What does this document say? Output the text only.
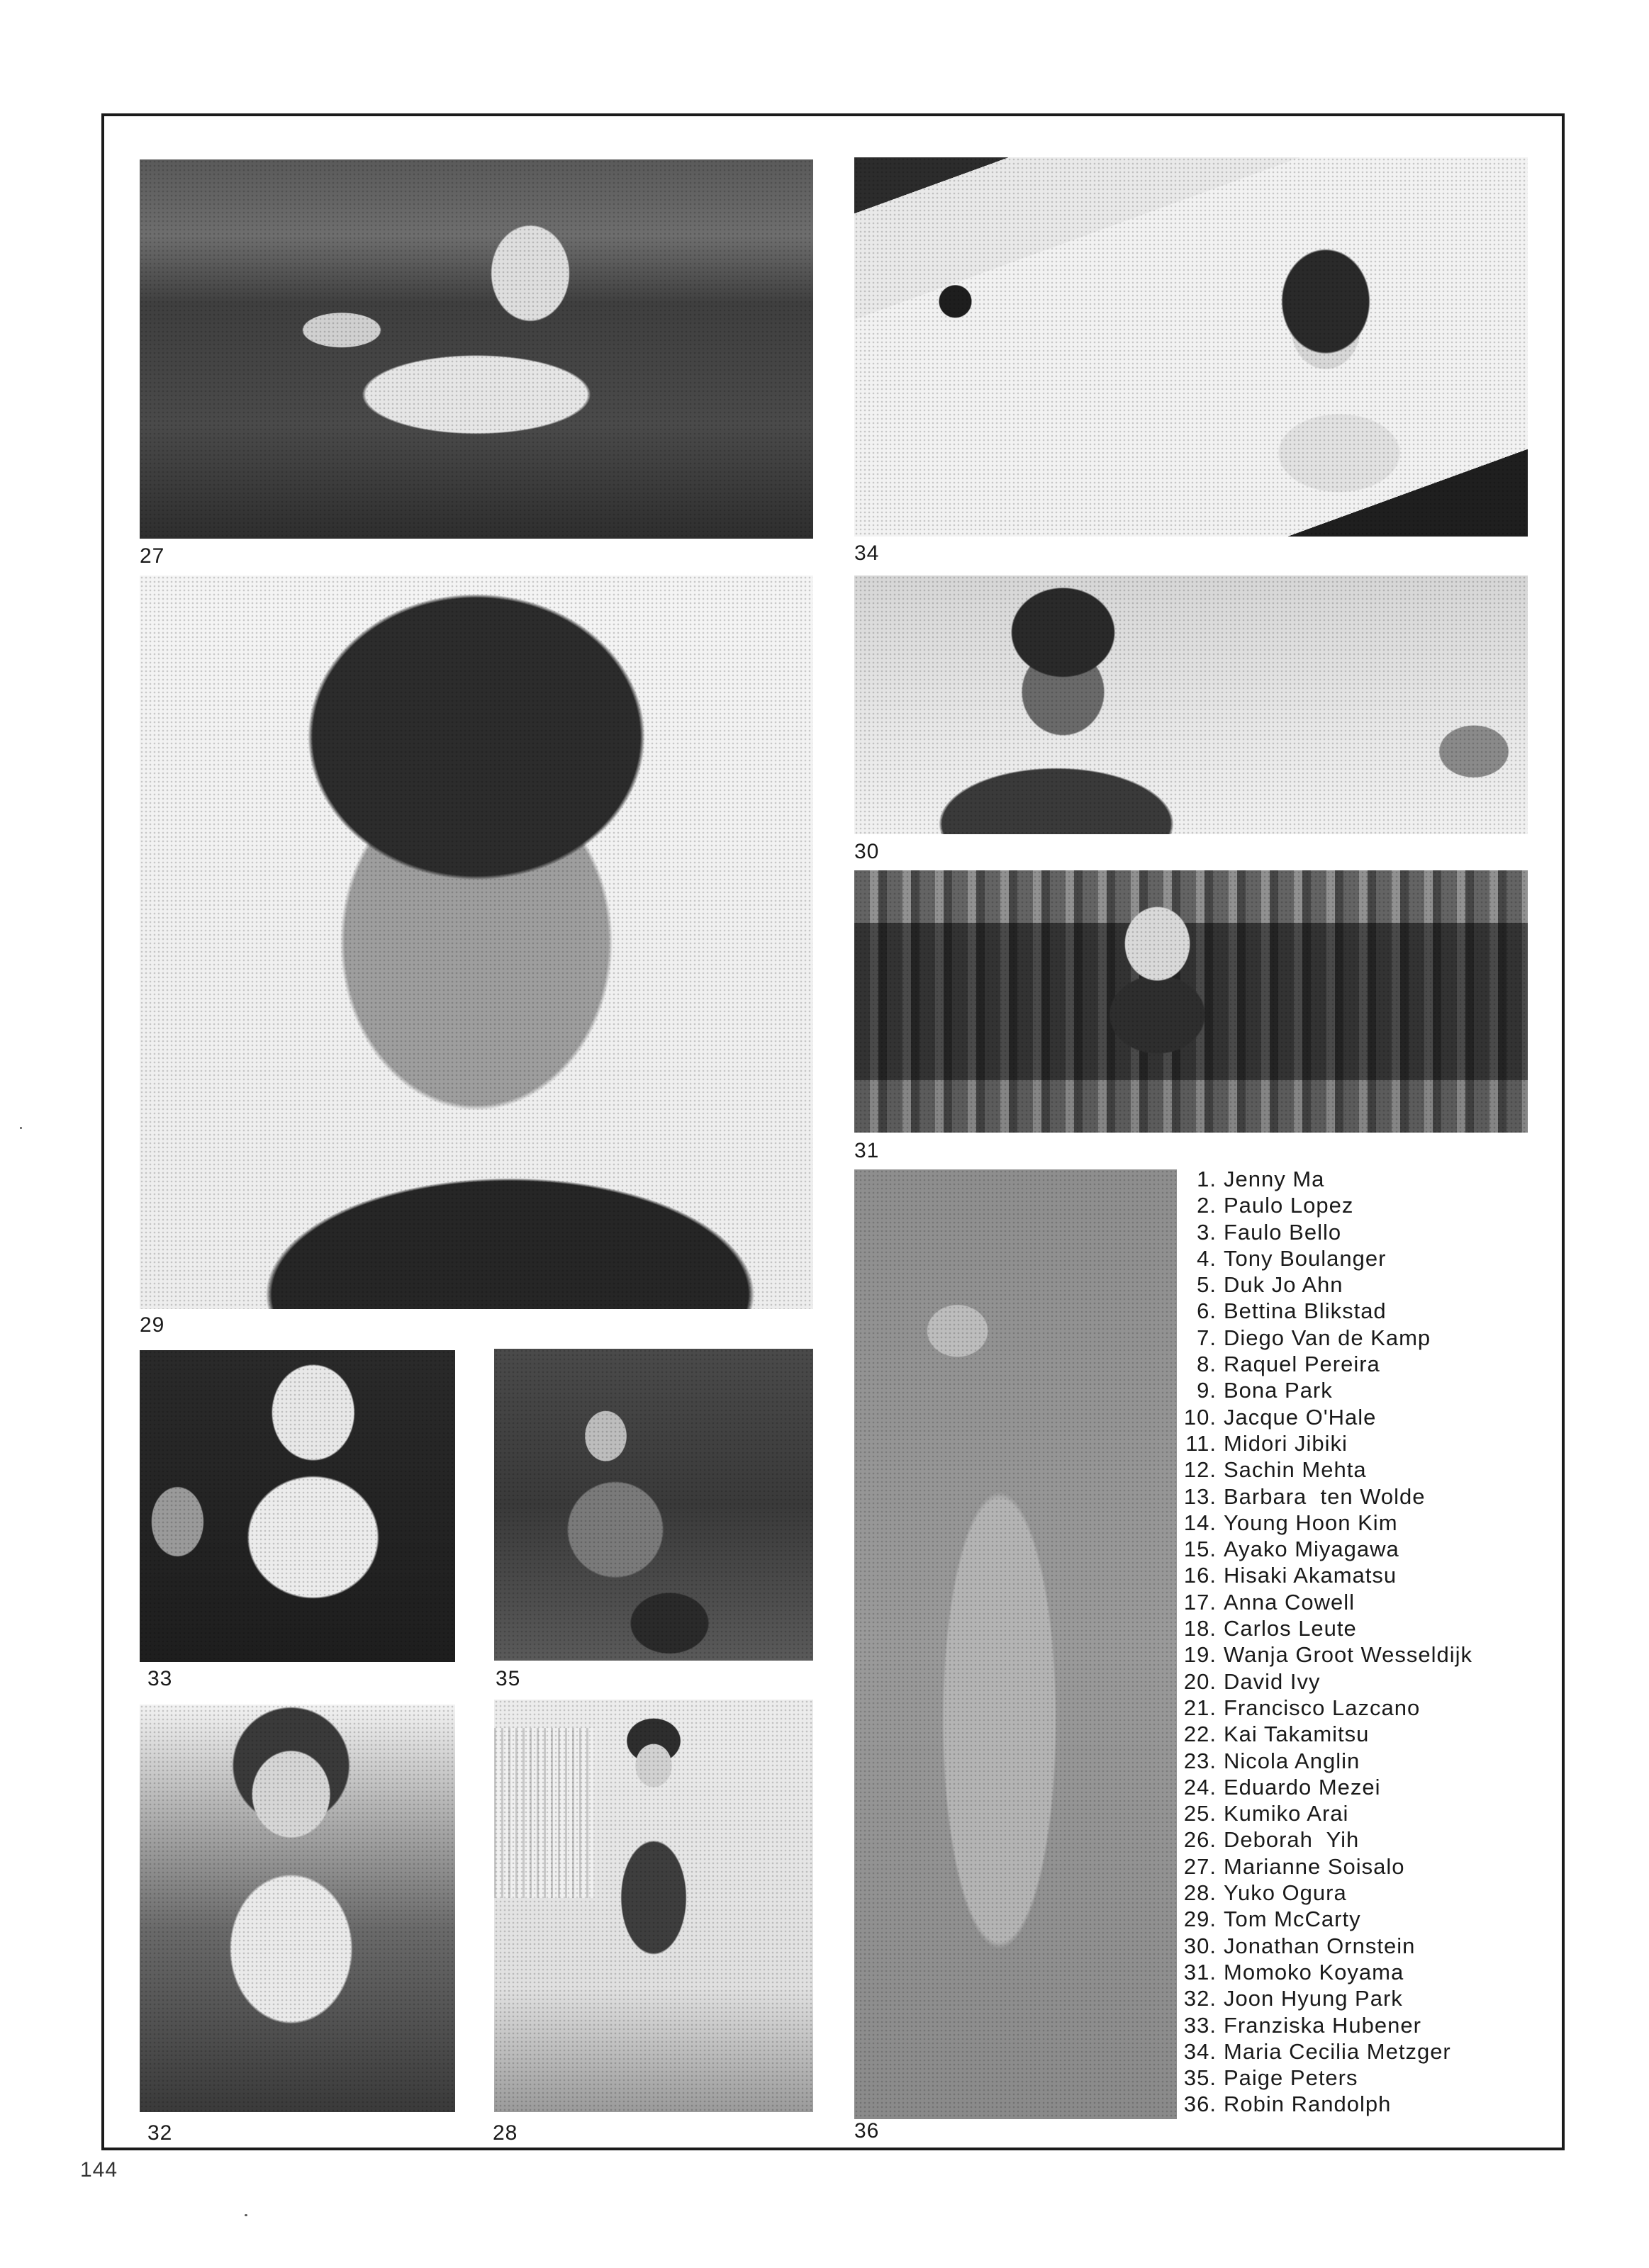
27	34
29
30
31
33	35
32	28	36
1. Jenny Ma
2. Paulo Lopez
3. Faulo Bello
4. Tony Boulanger
5. Duk Jo Ahn
6. Bettina Blikstad
7. Diego Van de Kamp
8. Raquel Pereira
9. Bona Park
10. Jacque O'Hale
11. Midori Jibiki
12. Sachin Mehta
13. Barbara  ten Wolde
14. Young Hoon Kim
15. Ayako Miyagawa
16. Hisaki Akamatsu
17. Anna Cowell
18. Carlos Leute
19. Wanja Groot Wesseldijk
20. David Ivy
21. Francisco Lazcano
22. Kai Takamitsu
23. Nicola Anglin
24. Eduardo Mezei
25. Kumiko Arai
26. Deborah  Yih
27. Marianne Soisalo
28. Yuko Ogura
29. Tom McCarty
30. Jonathan Ornstein
31. Momoko Koyama
32. Joon Hyung Park
33. Franziska Hubener
34. Maria Cecilia Metzger
35. Paige Peters
36. Robin Randolph
144
